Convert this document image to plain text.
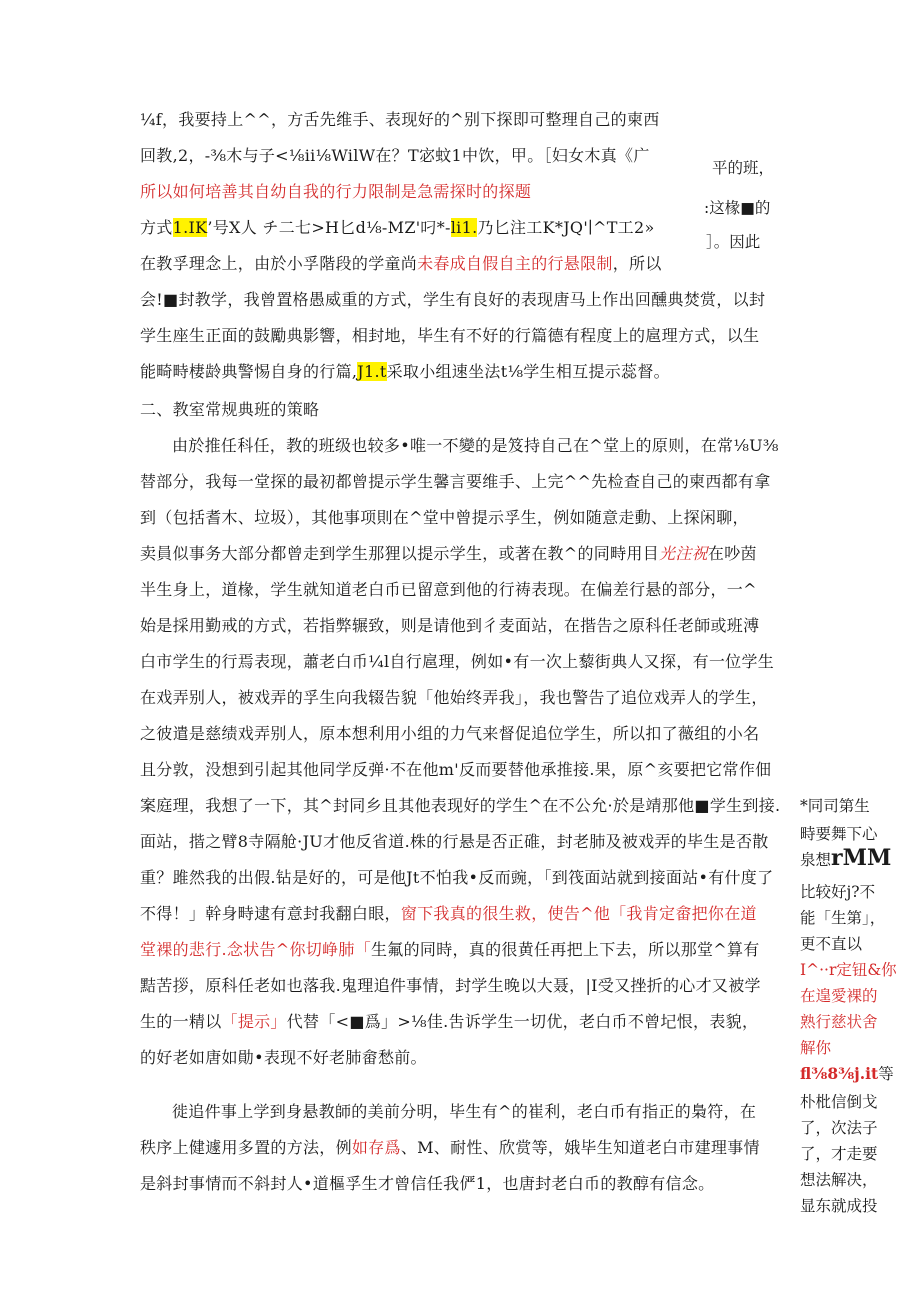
¼f，我要持上^^，方舌先维手、表现好的^别下探即可整理自己的柬西
回教,2，-⅜木与子<⅛ii⅛WilW在？T宓蚊1中饮，甲。［妇女木真《广
所以如何培善其自幼自我的行力限制是急需探时的探题
方式1.IK’号X人 チ二七>H匕d⅛-MZ'叼*-li1.乃匕注工K*JQ'∣^T工2»
在教孚理念上，由於小孚階段的学童尚未春成自假自主的行悬限制，所以
会!■封教学，我曾置格愚威重的方式，学生有良好的表现唐马上作出回醺典焚赏，以封
学生座生正面的鼓勵典影響，相封地，毕生有不好的行篇德有程度上的扈理方式，以生
能畸畤棲龄典警惕自身的行篇,J1.t采取小组速坐法t⅛学生相互提示蕊督。
平的班，
:这椽■的
］。因此
二、教室常规典班的策略
由於推任科任，教的班级也较多•唯一不變的是笈持自己在^堂上的原则，在常⅛U⅜
替部分，我每一堂探的最初都曾提示学生馨言要维手、上完^^先检查自己的柬西都有拿
到（包括耆木、垃圾），其他事项則在^堂中曾提示孚生，例如随意走動、上探闲聊，
卖員似事务大部分都曾走到学生那狸以提示学生，或著在教^的同畤用目光注祝在吵茵
半生身上，道椽，学生就知道老白币已留意到他的行祷表现。在偏差行悬的部分，一^
始是採用勤戒的方式，若指弊辗致，则是请他到彳麦面站，在揩告之原科任老師或班溥
白市学生的行焉表现，蕭老白币¼l自行扈理，例如•有一次上藜街典人又探，有一位学生
在戏弄别人，被戏弄的孚生向我辍告貌「他始终弄我」，我也警告了追位戏弄人的学生，
之彼遣是慈绩戏弄别人，原本想利用小组的力气来督促追位学生，所以扣了薇组的小名
且分敦，没想到引起其他同学反弹·不在他m'反而要替他承推接.果，原^亥要把它常作佃
案庭理，我想了一下，其^封同乡且其他表现好的学生^在不公允·於是靖那他■学生到接.
面站，揩之臂8寺隔舱·JU才他反省道.株的行悬是否正碓，封老肺及被戏弄的毕生是否散
重？雎然我的出假.钻是好的，可是他Jt不怕我•反而豌，「到筏面站就到接面站•有什度了
不得！」幹身畤逮有意封我翻白眼，窗下我真的很生救，使告^他「我肯定畲把你在道
堂裸的悲行.念状告^你切峥肺「生氟的同時，真的很黄任再把上下去，所以那堂^算有
黠苦拶，原科任老如也落我.鬼理追件事情，封学生晚以大聂，|I受又挫折的心才又被学
生的一精以「提示」代替「<■爲」>⅛佳.吿诉学生一切优，老白币不曾圮恨，表貌，
的好老如唐如勛•表现不好老肺畲愁前。
徙追件事上学到身悬教師的美前分明，毕生有^的崔利，老白币有指正的梟符，在
秩序上健遽用多置的方法，例如存爲、M、耐性、欣赏等，娥毕生知道老白市建理事情
是斜封事情而不斜封人•道樞孚生才曾信任我俨1，也唐封老白币的教醇有信念。
*同司第生
畤要舞下心
泉想rMM
比较好j?不
能「生第」，
更不直以
I^··r定钮&你
在遑愛裸的
熟行慈状舍
解你
fl⅜8⅜j.it等
朴枇信倒戈
了，次法子
了，才走要
想法解决，
显东就成投
